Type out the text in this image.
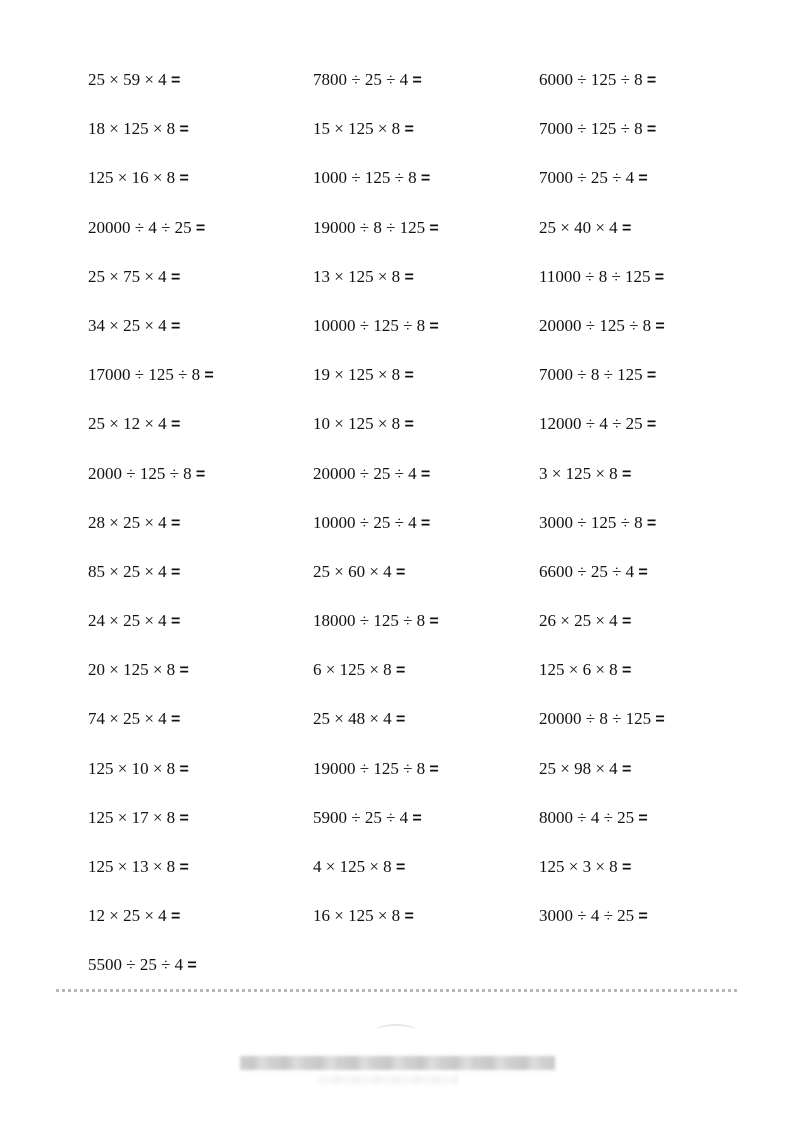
25 × 59 × 4 =	7800 ÷ 25 ÷ 4 =	6000 ÷ 125 ÷ 8 =
18 × 125 × 8 =	15 × 125 × 8 =	7000 ÷ 125 ÷ 8 =
125 × 16 × 8 =	1000 ÷ 125 ÷ 8 =	7000 ÷ 25 ÷ 4 =
20000 ÷ 4 ÷ 25 =	19000 ÷ 8 ÷ 125 =	25 × 40 × 4 =
25 × 75 × 4 =	13 × 125 × 8 =	11000 ÷ 8 ÷ 125 =
34 × 25 × 4 =	10000 ÷ 125 ÷ 8 =	20000 ÷ 125 ÷ 8 =
17000 ÷ 125 ÷ 8 =	19 × 125 × 8 =	7000 ÷ 8 ÷ 125 =
25 × 12 × 4 =	10 × 125 × 8 =	12000 ÷ 4 ÷ 25 =
2000 ÷ 125 ÷ 8 =	20000 ÷ 25 ÷ 4 =	3 × 125 × 8 =
28 × 25 × 4 =	10000 ÷ 25 ÷ 4 =	3000 ÷ 125 ÷ 8 =
85 × 25 × 4 =	25 × 60 × 4 =	6600 ÷ 25 ÷ 4 =
24 × 25 × 4 =	18000 ÷ 125 ÷ 8 =	26 × 25 × 4 =
20 × 125 × 8 =	6 × 125 × 8 =	125 × 6 × 8 =
74 × 25 × 4 =	25 × 48 × 4 =	20000 ÷ 8 ÷ 125 =
125 × 10 × 8 =	19000 ÷ 125 ÷ 8 =	25 × 98 × 4 =
125 × 17 × 8 =	5900 ÷ 25 ÷ 4 =	8000 ÷ 4 ÷ 25 =
125 × 13 × 8 =	4 × 125 × 8 =	125 × 3 × 8 =
12 × 25 × 4 =	16 × 125 × 8 =	3000 ÷ 4 ÷ 25 =
5500 ÷ 25 ÷ 4 =
